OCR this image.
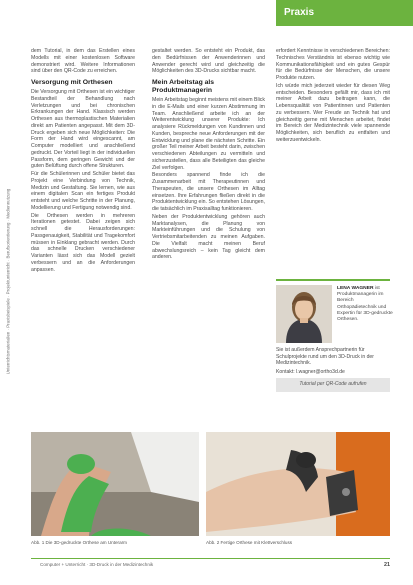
Praxis
Unterrichtsmaterialien · Praxisbeispiele · Projektunterricht · Berufsorientierung · Mediennutzung

dem Tutorial, in dem das Erstellen eines Modells mit einer kostenlosen Software demonstriert wird. Weitere Informationen sind über den QR-Code zu erreichen.

Versorgung mit Orthesen

Die Versorgung mit Orthesen ist ein wichtiger Bestandteil der Behandlung nach Verletzungen und bei chronischen Erkrankungen der Hand. Klassisch werden Orthesen aus thermoplastischen Materialien direkt am Patienten angepasst. Mit dem 3D-Druck ergeben sich neue Möglichkeiten: Die Form der Hand wird eingescannt, am Computer modelliert und anschließend gedruckt. Der Vorteil liegt in der individuellen Passform, dem geringen Gewicht und der guten Belüftung durch offene Strukturen.

Für die Schülerinnen und Schüler bietet das Projekt eine Verbindung von Technik, Medizin und Gestaltung. Sie lernen, wie aus einem digitalen Scan ein fertiges Produkt entsteht und welche Schritte in der Planung, Modellierung und Fertigung notwendig sind.

Die Orthesen werden in mehreren Iterationen getestet. Dabei zeigen sich schnell die Herausforderungen: Passgenauigkeit, Stabilität und Tragekomfort müssen in Einklang gebracht werden. Durch das schnelle Drucken verschiedener Varianten lässt sich das Modell gezielt verbessern und an die Anforderungen anpassen.

gestaltet werden. So entsteht ein Produkt, das den Bedürfnissen der Anwenderinnen und Anwender gerecht wird und gleichzeitig die Möglichkeiten des 3D-Drucks sichtbar macht.

Mein Arbeitstag als Produktmanagerin

Mein Arbeitstag beginnt meistens mit einem Blick in die E-Mails und einer kurzen Abstimmung im Team. Anschließend arbeite ich an der Weiterentwicklung unserer Produkte: Ich analysiere Rückmeldungen von Kundinnen und Kunden, bespreche neue Anforderungen mit der Entwicklung und plane die nächsten Schritte. Ein großer Teil meiner Arbeit besteht darin, zwischen verschiedenen Abteilungen zu vermitteln und sicherzustellen, dass alle Beteiligten das gleiche Ziel verfolgen.

Besonders spannend finde ich die Zusammenarbeit mit Therapeutinnen und Therapeuten, die unsere Orthesen im Alltag einsetzen. Ihre Erfahrungen fließen direkt in die Produktentwicklung ein. So entstehen Lösungen, die tatsächlich im Praxisalltag funktionieren.

Neben der Produktentwicklung gehören auch Marktanalysen, die Planung von Markteinführungen und die Schulung von Vertriebsmitarbeitenden zu meinen Aufgaben. Die Vielfalt macht meinen Beruf abwechslungsreich – kein Tag gleicht dem anderen.

erfordert Kenntnisse in verschiedenen Bereichen: Technisches Verständnis ist ebenso wichtig wie Kommunikationsfähigkeit und ein gutes Gespür für die Bedürfnisse der Menschen, die unsere Produkte nutzen.

Ich würde mich jederzeit wieder für diesen Weg entscheiden. Besonders gefällt mir, dass ich mit meiner Arbeit dazu beitragen kann, die Lebensqualität von Patientinnen und Patienten zu verbessern. Wer Freude an Technik hat und gleichzeitig gerne mit Menschen arbeitet, findet im Bereich der Medizintechnik viele spannende Möglichkeiten, sich beruflich zu entfalten und weiterzuentwickeln.

LENA WAGNER ist Produktmanagerin im Bereich Orthopädietechnik und Expertin für 3D-gedruckte Orthesen.
Sie ist außerdem Ansprechpartnerin für Schulprojekte rund um den 3D-Druck in der Medizintechnik.
Kontakt: l.wagner@ortho3d.de
Tutorial per QR-Code aufrufen
Abb. 1 Die 3D-gedruckte Orthese am Unterarm	Abb. 2 Fertige Orthese mit Klettverschluss
Computer + Unterricht · 3D-Druck in der Medizintechnik	21
